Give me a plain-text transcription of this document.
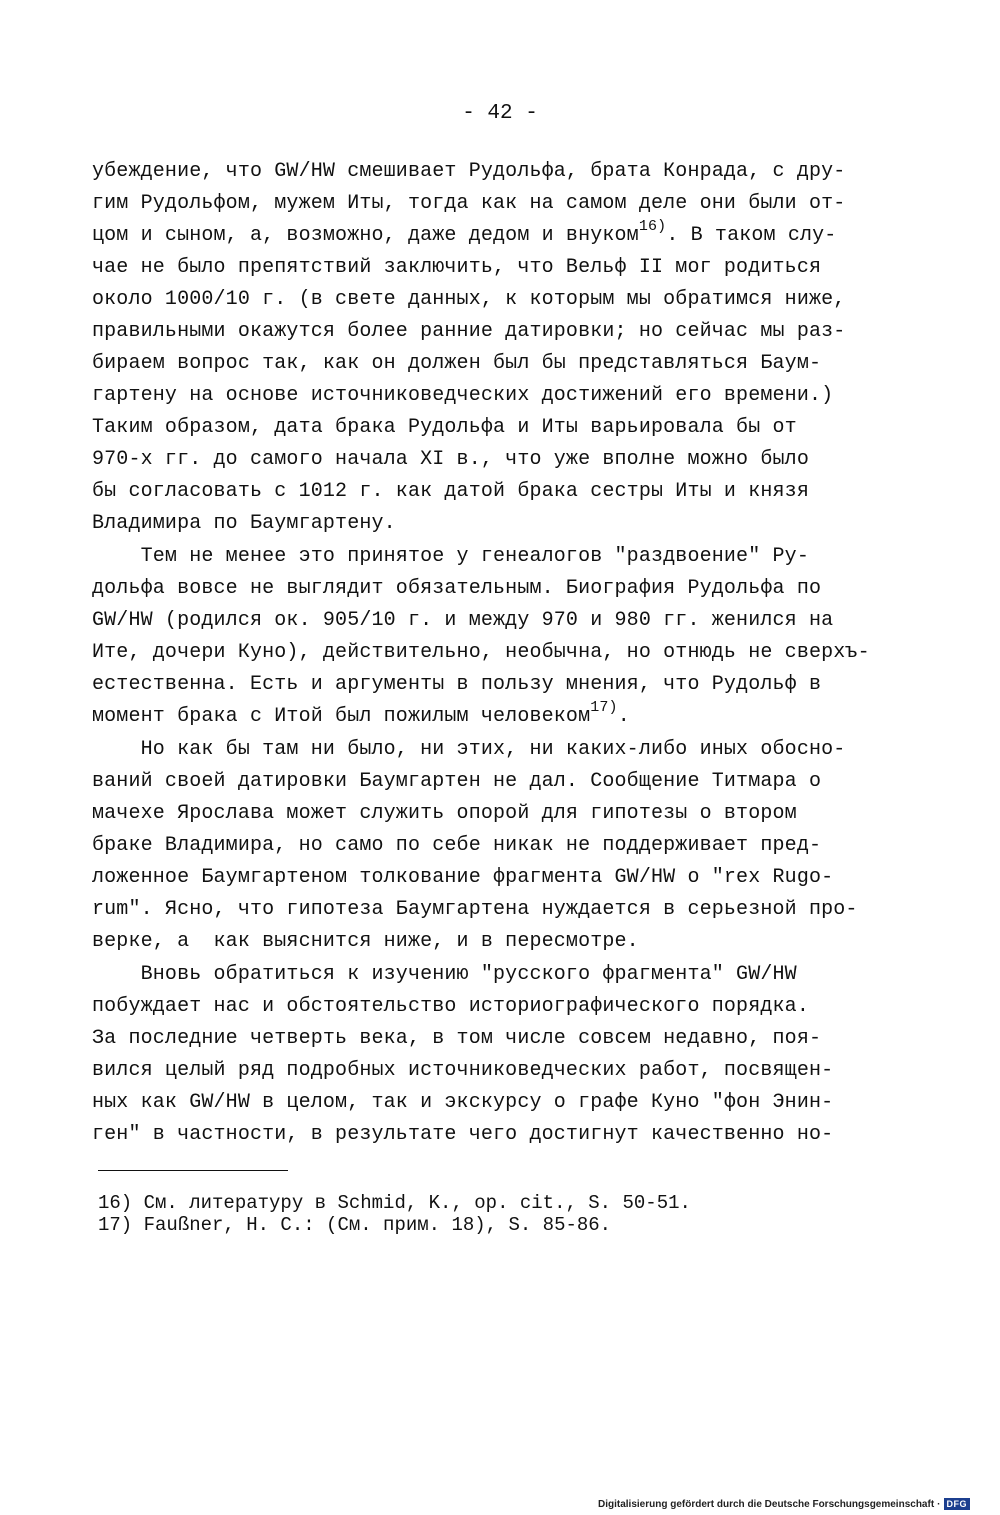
- 42 -
убеждение, что GW/HW смешивает Рудольфа, брата Конрада, с дру-
гим Рудольфом, мужем Иты, тогда как на самом деле они были от-
цом и сыном, а, возможно, даже дедом и внуком$^{16)}$. В таком слу-
чае не было препятствий заключить, что Вельф II мог родиться
около 1000/10 г. (в свете данных, к которым мы обратимся ниже,
правильными окажутся более ранние датировки; но сейчас мы раз-
бираем вопрос так, как он должен был бы представляться Баум-
гартену на основе источниковедческих достижений его времени.)
Таким образом, дата брака Рудольфа и Иты варьировала бы от
970-х гг. до самого начала XI в., что уже вполне можно было
бы согласовать с 1012 г. как датой брака сестры Иты и князя
Владимира по Баумгартену.
Тем не менее это принятое у генеалогов "раздвоение" Ру-
дольфа вовсе не выглядит обязательным. Биография Рудольфа по
GW/HW (родился ок. 905/10 г. и между 970 и 980 гг. женился на
Ите, дочери Куно), действительно, необычна, но отнюдь не сверхъ-
естественна. Есть и аргументы в пользу мнения, что Рудольф в
момент брака с Итой был пожилым человеком$^{17)}$.
Но как бы там ни было, ни этих, ни каких-либо иных обосно-
ваний своей датировки Баумгартен не дал. Сообщение Титмара о
мачехе Ярослава может служить опорой для гипотезы о втором
браке Владимира, но само по себе никак не поддерживает пред-
ложенное Баумгартеном толкование фрагмента GW/HW о "rex Rugo-
rum". Ясно, что гипотеза Баумгартена нуждается в серьезной про-
верке, а  как выяснится ниже, и в пересмотре.
Вновь обратиться к изучению "русского фрагмента" GW/HW
побуждает нас и обстоятельство историографического порядка.
За последние четверть века, в том числе совсем недавно, поя-
вился целый ряд подробных источниковедческих работ, посвящен-
ных как GW/HW в целом, так и экскурсу о графе Куно "фон Энин-
ген" в частности, в результате чего достигнут качественно но-
16) См. литературу в Schmid, K., op. cit., S. 50-51.
17) Faußner, H. C.: (См. прим. 18), S. 85-86.
Digitalisierung gefördert durch die Deutsche Forschungsgemeinschaft · DFG
